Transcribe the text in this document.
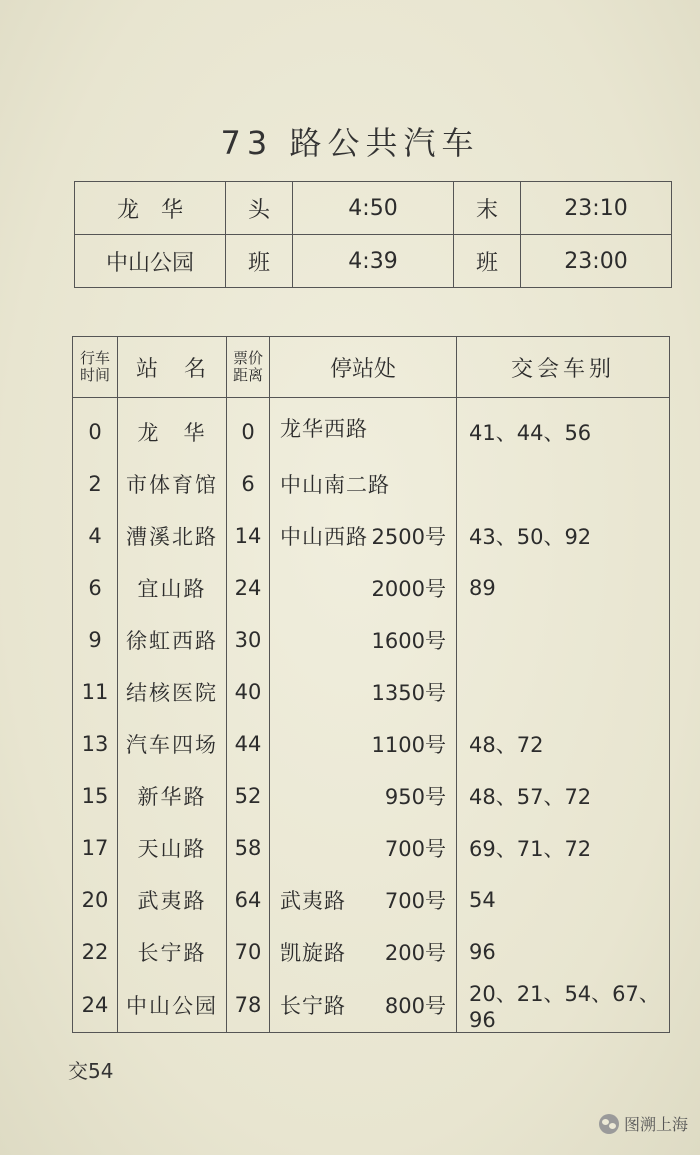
73 路公共汽车
龙　华	头	4:50	末	23:10
中山公园	班	4:39	班	23:00
行车时间	站　名	票价距离	停站处	交会车别
0	龙　华	0	龙华西路	41、44、56
2	市体育馆	6	中山南二路	

4	漕溪北路	14	中山西路 2500号	43、50、92
6	宜山路	24	2000号	89
9	徐虹西路	30	1600号	

11	结核医院	40	1350号	

13	汽车四场	44	1100号	48、72
15	新华路	52	950号	48、57、72
17	天山路	58	700号	69、71、72
20	武夷路	64	武夷路 700号	54
22	长宁路	70	凯旋路 200号	96
24	中山公园	78	长宁路 800号	20、21、54、67、96
交54
图溯上海
